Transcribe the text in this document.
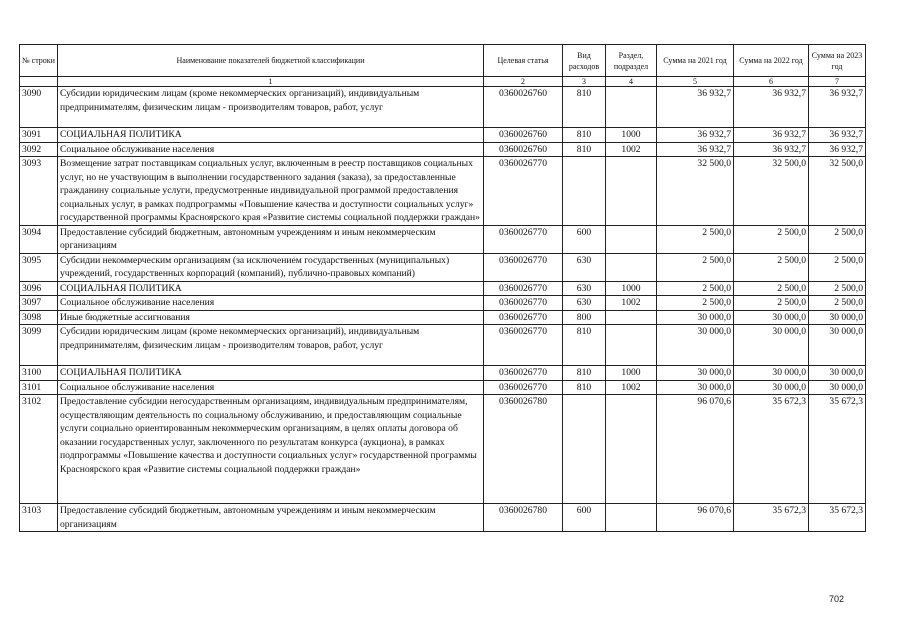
№ строки	Наименование показателей бюджетной классификации	Целевая статья	Вид расходов	Раздел, подраздел	Сумма на 2021 год	Сумма на 2022 год	Сумма на 2023 год
	1	2	3	4	5	6	7
3090	Субсидии юридическим лицам (кроме некоммерческих организаций), индивидуальным предпринимателям, физическим лицам - производителям товаров, работ, услуг	0360026760	810		36 932,7	36 932,7	36 932,7
3091	СОЦИАЛЬНАЯ ПОЛИТИКА	0360026760	810	1000	36 932,7	36 932,7	36 932,7
3092	Социальное обслуживание населения	0360026760	810	1002	36 932,7	36 932,7	36 932,7
3093	Возмещение затрат поставщикам социальных услуг, включенным в реестр поставщиков социальных услуг, но не участвующим в выполнении государственного задания (заказа), за предоставленные гражданину социальные услуги, предусмотренные индивидуальной программой предоставления социальных услуг, в рамках подпрограммы «Повышение качества и доступности социальных услуг» государственной программы Красноярского края «Развитие системы социальной поддержки граждан»	0360026770			32 500,0	32 500,0	32 500,0
3094	Предоставление субсидий бюджетным, автономным учреждениям и иным некоммерческим организациям	0360026770	600		2 500,0	2 500,0	2 500,0
3095	Субсидии некоммерческим организациям (за исключением государственных (муниципальных) учреждений, государственных корпораций (компаний), публично-правовых компаний)	0360026770	630		2 500,0	2 500,0	2 500,0
3096	СОЦИАЛЬНАЯ ПОЛИТИКА	0360026770	630	1000	2 500,0	2 500,0	2 500,0
3097	Социальное обслуживание населения	0360026770	630	1002	2 500,0	2 500,0	2 500,0
3098	Иные бюджетные ассигнования	0360026770	800		30 000,0	30 000,0	30 000,0
3099	Субсидии юридическим лицам (кроме некоммерческих организаций), индивидуальным предпринимателям, физическим лицам - производителям товаров, работ, услуг	0360026770	810		30 000,0	30 000,0	30 000,0
3100	СОЦИАЛЬНАЯ ПОЛИТИКА	0360026770	810	1000	30 000,0	30 000,0	30 000,0
3101	Социальное обслуживание населения	0360026770	810	1002	30 000,0	30 000,0	30 000,0
3102	Предоставление субсидии негосударственным организациям, индивидуальным предпринимателям, осуществляющим деятельность по социальному обслуживанию, и предоставляющим социальные услуги социально ориентированным некоммерческим организациям, в целях оплаты договора об оказании государственных услуг, заключенного по результатам конкурса (аукциона), в рамках подпрограммы «Повышение качества и доступности социальных услуг» государственной программы Красноярского края «Развитие системы социальной поддержки граждан»	0360026780			96 070,6	35 672,3	35 672,3
3103	Предоставление субсидий бюджетным, автономным учреждениям и иным некоммерческим организациям	0360026780	600		96 070,6	35 672,3	35 672,3
702
